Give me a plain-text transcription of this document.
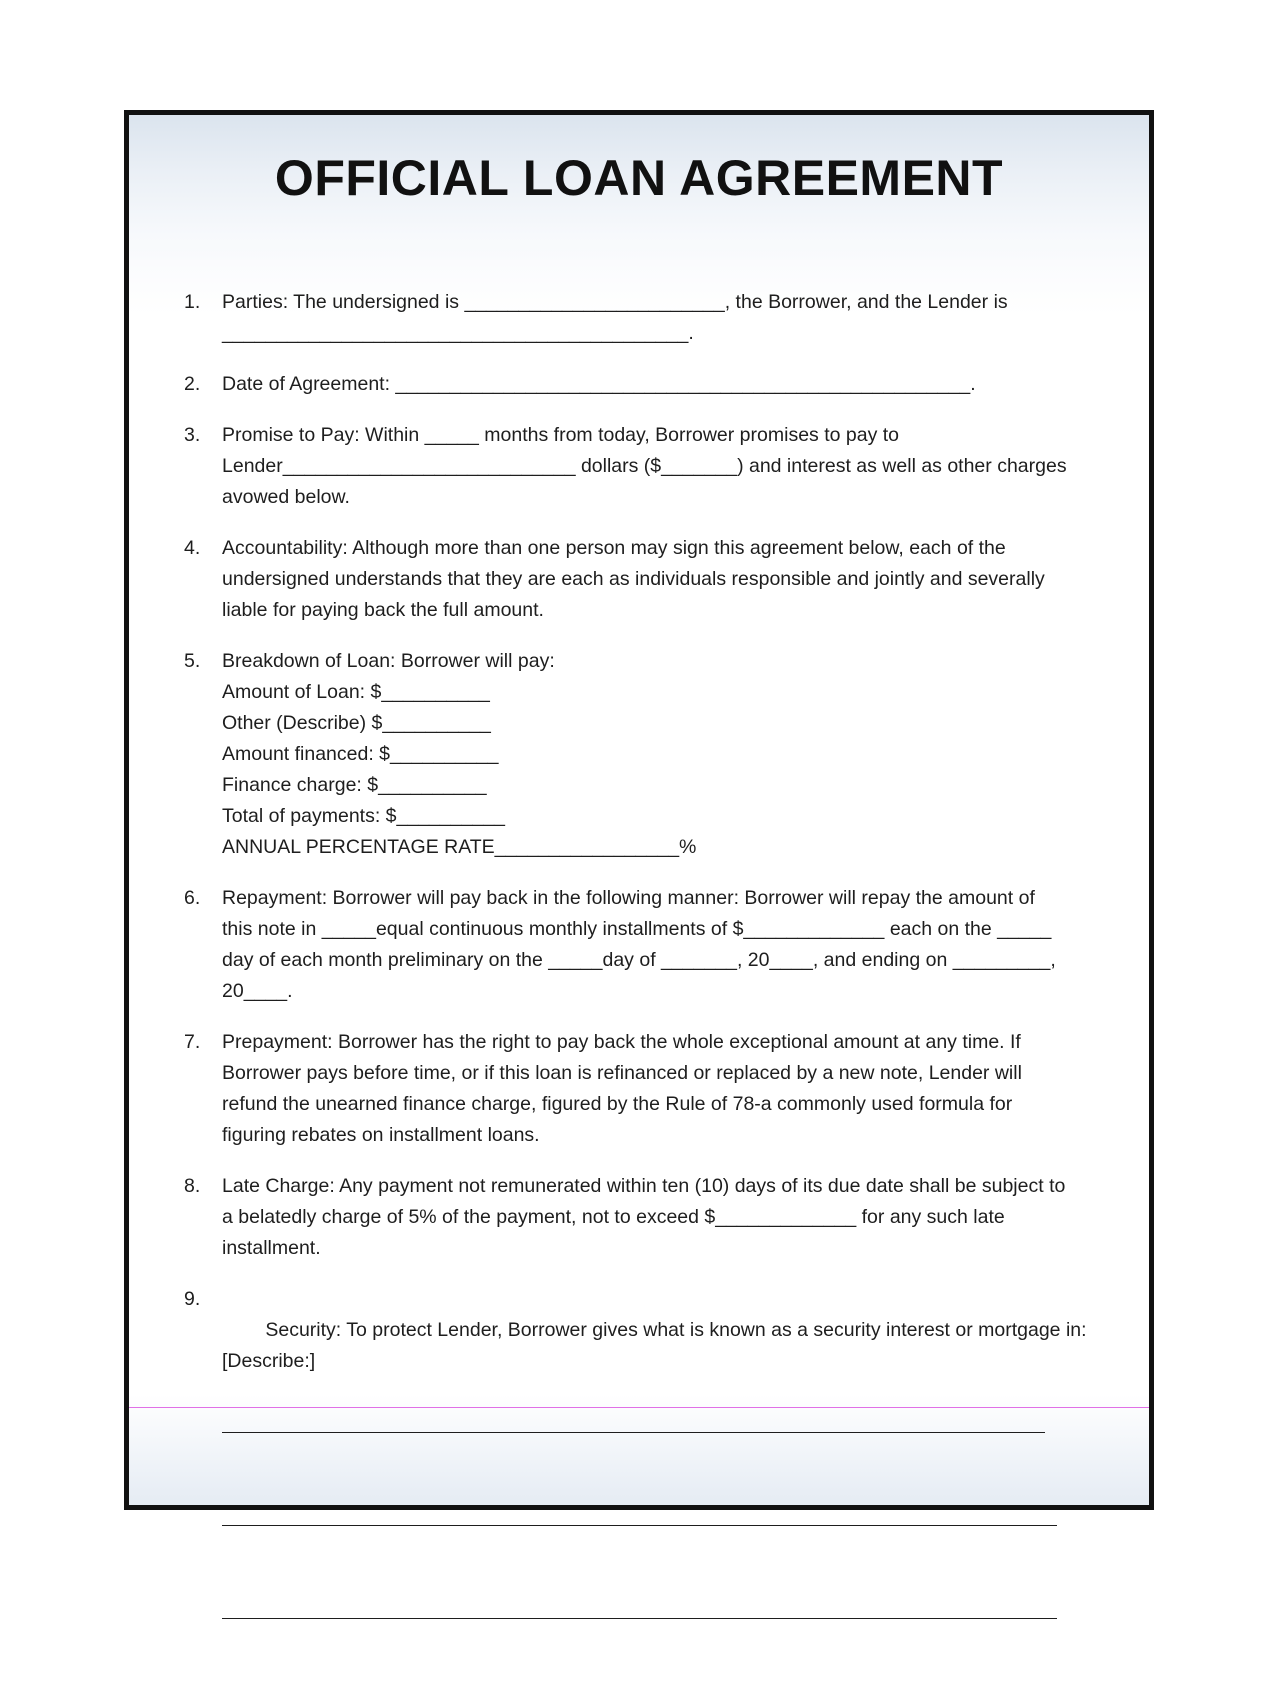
OFFICIAL LOAN AGREEMENT
1.	Parties: The undersigned is ________________________, the Borrower, and the Lender is
___________________________________________.
2.	Date of Agreement: _____________________________________________________.
3.	Promise to Pay: Within _____ months from today, Borrower promises to pay to
Lender___________________________ dollars ($_______) and interest as well as other charges
avowed below.
4.	Accountability: Although more than one person may sign this agreement below, each of the
undersigned understands that they are each as individuals responsible and jointly and severally
liable for paying back the full amount.
5.	Breakdown of Loan: Borrower will pay:
Amount of Loan: $__________
Other (Describe) $__________
Amount financed: $__________
Finance charge: $__________
Total of payments: $__________
ANNUAL PERCENTAGE RATE_________________%
6.	Repayment: Borrower will pay back in the following manner: Borrower will repay the amount of
this note in _____equal continuous monthly installments of $_____________ each on the _____
day of each month preliminary on the _____day of _______, 20____, and ending on _________,
20____.
7.	Prepayment: Borrower has the right to pay back the whole exceptional amount at any time. If
Borrower pays before time, or if this loan is refinanced or replaced by a new note, Lender will
refund the unearned finance charge, figured by the Rule of 78-a commonly used formula for
figuring rebates on installment loans.
8.	Late Charge: Any payment not remunerated within ten (10) days of its due date shall be subject to
a belatedly charge of 5% of the payment, not to exceed $_____________ for any such late
installment.
9.

Security: To protect Lender, Borrower gives what is known as a security interest or mortgage in:
[Describe:]
